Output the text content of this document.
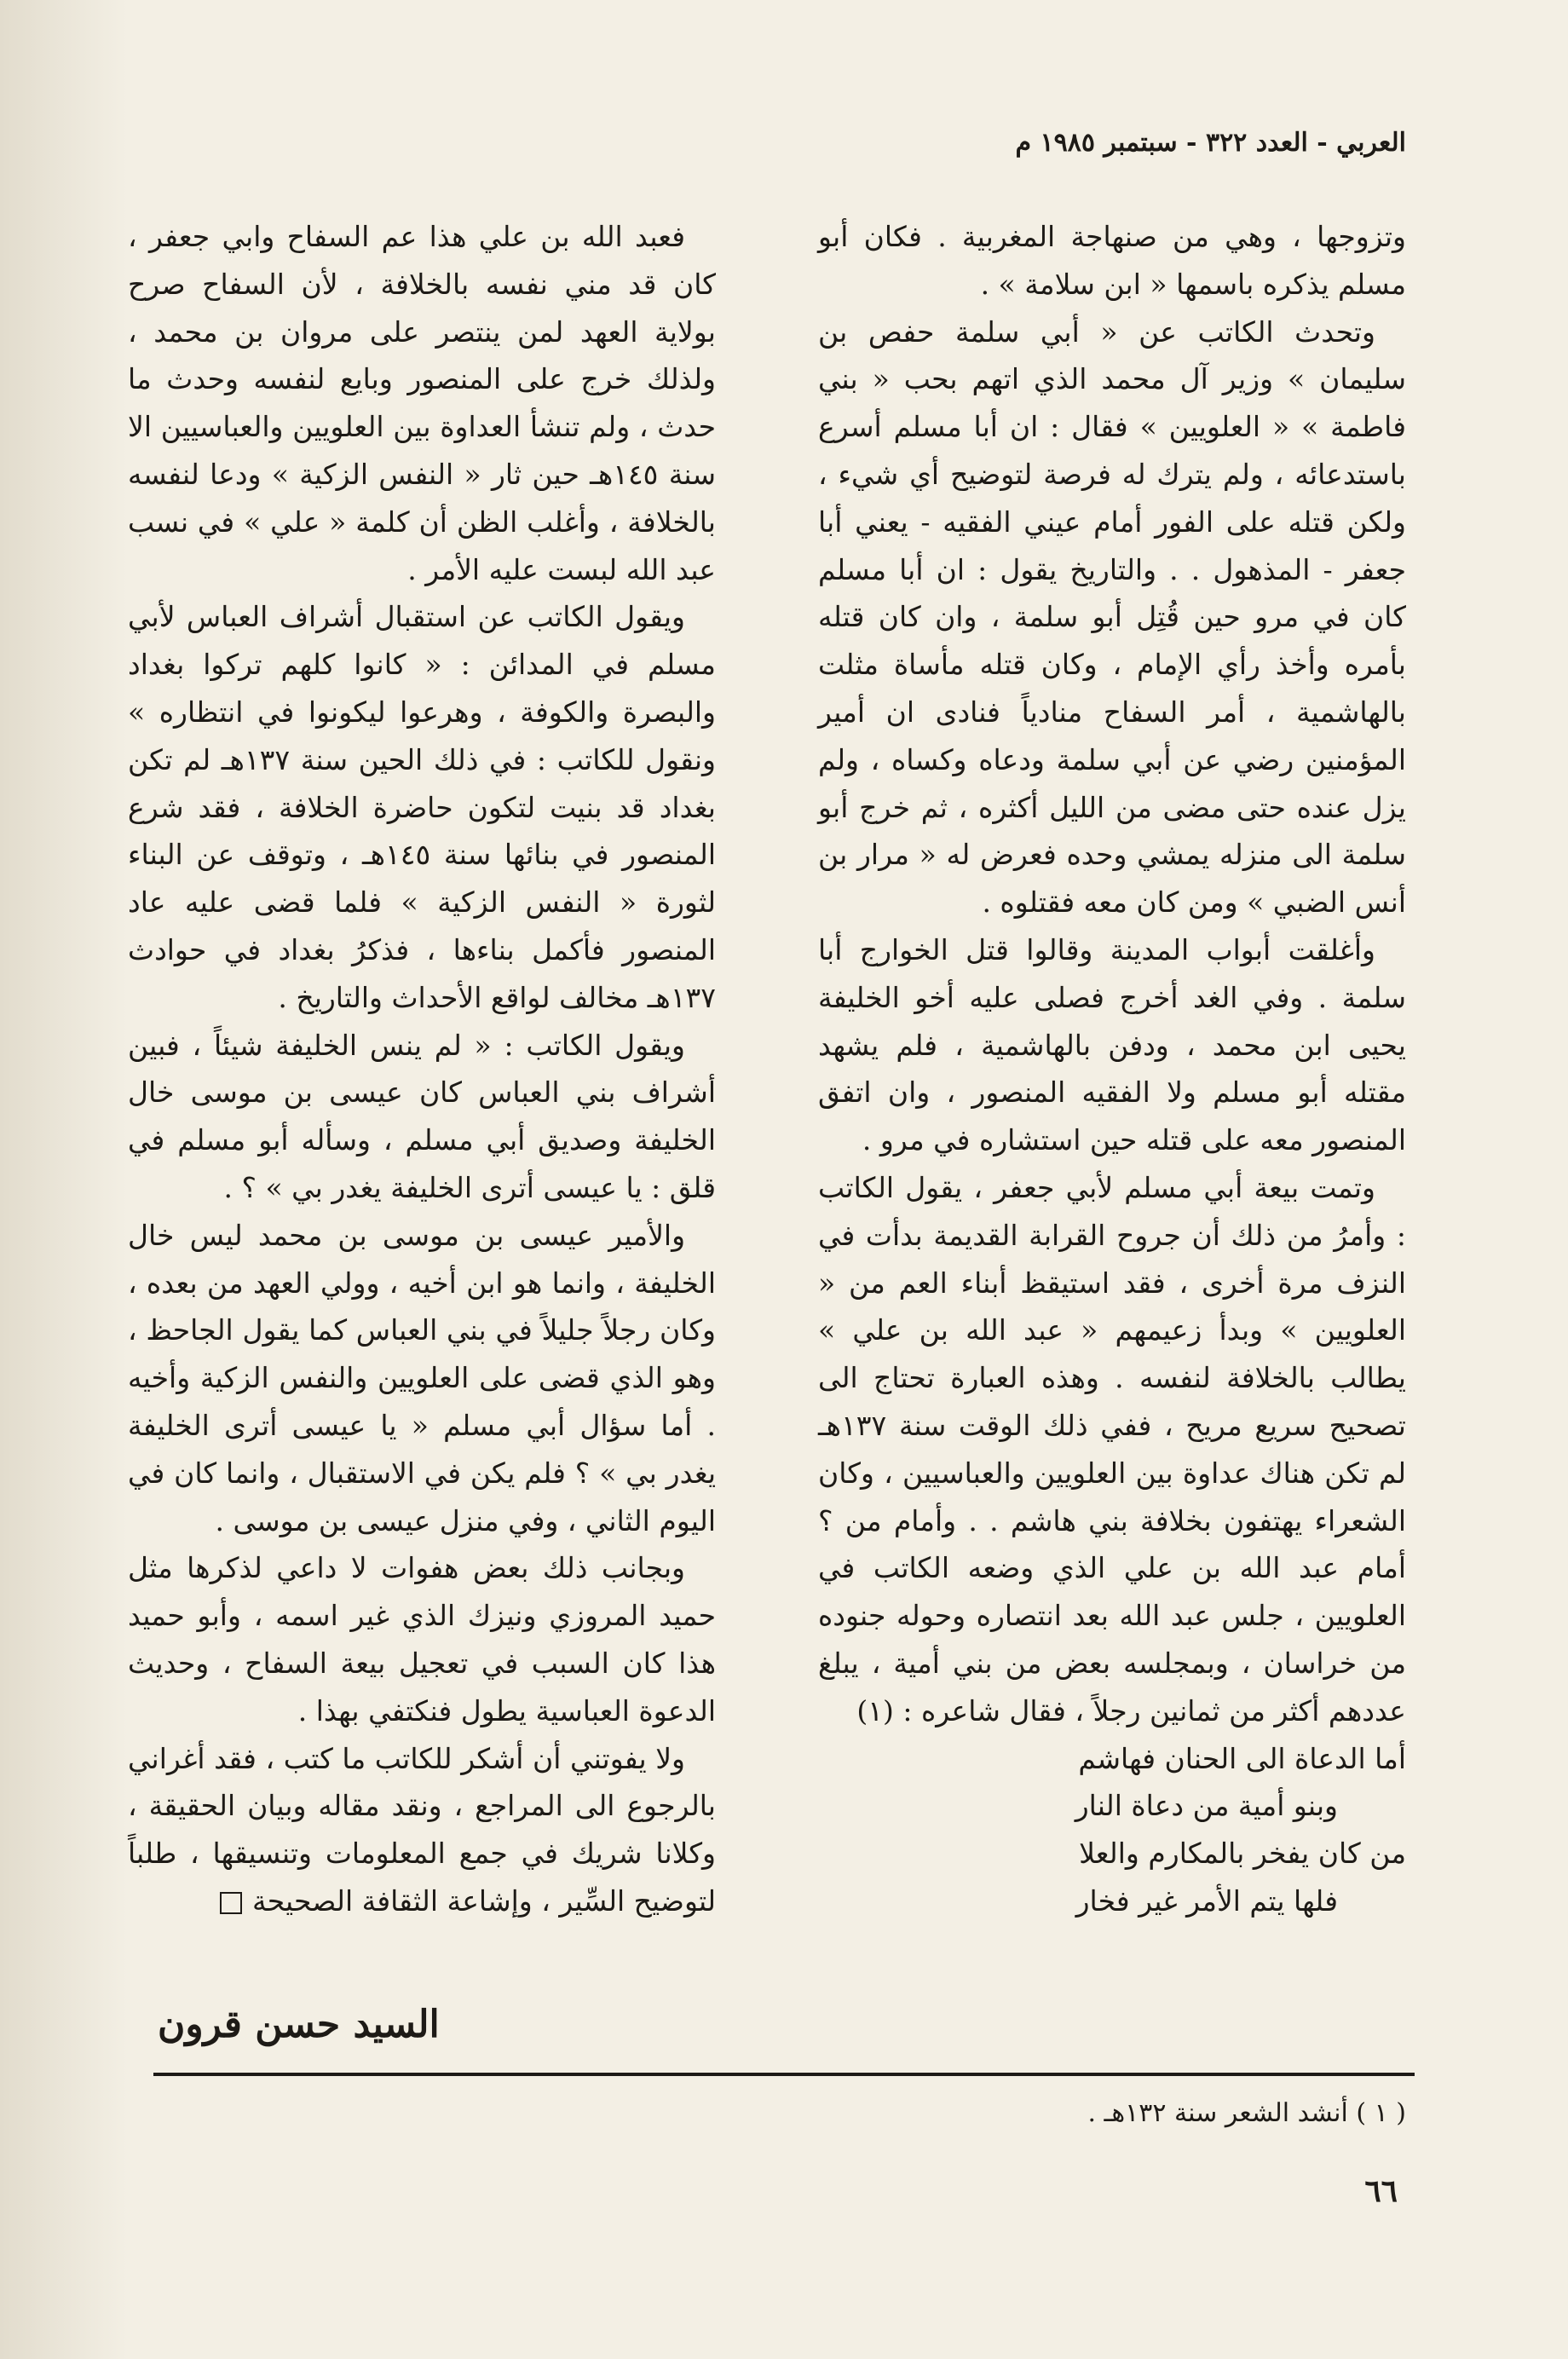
العربي - العدد ٣٢٢ - سبتمبر ١٩٨٥ م

وتزوجها ، وهي من صنهاجة المغربية . فكان أبو مسلم يذكره باسمها « ابن سلامة » .

وتحدث الكاتب عن « أبي سلمة حفص بن سليمان » وزير آل محمد الذي اتهم بحب « بني فاطمة » « العلويين » فقال : ان أبا مسلم أسرع باستدعائه ، ولم يترك له فرصة لتوضيح أي شيء ، ولكن قتله على الفور أمام عيني الفقيه - يعني أبا جعفر - المذهول . . والتاريخ يقول : ان أبا مسلم كان في مرو حين قُتِل أبو سلمة ، وان كان قتله بأمره وأخذ رأي الإمام ، وكان قتله مأساة مثلت بالهاشمية ، أمر السفاح منادياً فنادى ان أمير المؤمنين رضي عن أبي سلمة ودعاه وكساه ، ولم يزل عنده حتى مضى من الليل أكثره ، ثم خرج أبو سلمة الى منزله يمشي وحده فعرض له « مرار بن أنس الضبي » ومن كان معه فقتلوه .

وأغلقت أبواب المدينة وقالوا قتل الخوارج أبا سلمة . وفي الغد أخرج فصلى عليه أخو الخليفة يحيى ابن محمد ، ودفن بالهاشمية ، فلم يشهد مقتله أبو مسلم ولا الفقيه المنصور ، وان اتفق المنصور معه على قتله حين استشاره في مرو .

وتمت بيعة أبي مسلم لأبي جعفر ، يقول الكاتب : وأمرُ من ذلك أن جروح القرابة القديمة بدأت في النزف مرة أخرى ، فقد استيقظ أبناء العم من « العلويين » وبدأ زعيمهم « عبد الله بن علي » يطالب بالخلافة لنفسه . وهذه العبارة تحتاج الى تصحيح سريع مريح ، ففي ذلك الوقت سنة ١٣٧هـ لم تكن هناك عداوة بين العلويين والعباسيين ، وكان الشعراء يهتفون بخلافة بني هاشم . . وأمام من ؟ أمام عبد الله بن علي الذي وضعه الكاتب في العلويين ، جلس عبد الله بعد انتصاره وحوله جنوده من خراسان ، وبمجلسه بعض من بني أمية ، يبلغ عددهم أكثر من ثمانين رجلاً ، فقال شاعره : (١)

أما الدعاة الى الحنان فهاشم
وبنو أمية من دعاة النار
من كان يفخر بالمكارم والعلا
فلها يتم الأمر غير فخار

فعبد الله بن علي هذا عم السفاح وابي جعفر ، كان قد مني نفسه بالخلافة ، لأن السفاح صرح بولاية العهد لمن ينتصر على مروان بن محمد ، ولذلك خرج على المنصور وبايع لنفسه وحدث ما حدث ، ولم تنشأ العداوة بين العلويين والعباسيين الا سنة ١٤٥هـ حين ثار « النفس الزكية » ودعا لنفسه بالخلافة ، وأغلب الظن أن كلمة « علي » في نسب عبد الله لبست عليه الأمر .

ويقول الكاتب عن استقبال أشراف العباس لأبي مسلم في المدائن : « كانوا كلهم تركوا بغداد والبصرة والكوفة ، وهرعوا ليكونوا في انتظاره » ونقول للكاتب : في ذلك الحين سنة ١٣٧هـ لم تكن بغداد قد بنيت لتكون حاضرة الخلافة ، فقد شرع المنصور في بنائها سنة ١٤٥هـ ، وتوقف عن البناء لثورة « النفس الزكية » فلما قضى عليه عاد المنصور فأكمل بناءها ، فذكرُ بغداد في حوادث ١٣٧هـ مخالف لواقع الأحداث والتاريخ .

ويقول الكاتب : « لم ينس الخليفة شيئاً ، فبين أشراف بني العباس كان عيسى بن موسى خال الخليفة وصديق أبي مسلم ، وسأله أبو مسلم في قلق : يا عيسى أترى الخليفة يغدر بي » ؟ .

والأمير عيسى بن موسى بن محمد ليس خال الخليفة ، وانما هو ابن أخيه ، وولي العهد من بعده ، وكان رجلاً جليلاً في بني العباس كما يقول الجاحظ ، وهو الذي قضى على العلويين والنفس الزكية وأخيه . أما سؤال أبي مسلم « يا عيسى أترى الخليفة يغدر بي » ؟ فلم يكن في الاستقبال ، وانما كان في اليوم الثاني ، وفي منزل عيسى بن موسى .

وبجانب ذلك بعض هفوات لا داعي لذكرها مثل حميد المروزي ونيزك الذي غير اسمه ، وأبو حميد هذا كان السبب في تعجيل بيعة السفاح ، وحديث الدعوة العباسية يطول فنكتفي بهذا .

ولا يفوتني أن أشكر للكاتب ما كتب ، فقد أغراني بالرجوع الى المراجع ، ونقد مقاله وبيان الحقيقة ، وكلانا شريك في جمع المعلومات وتنسيقها ، طلباً لتوضيح السِّير ، وإشاعة الثقافة الصحيحة

السيد حسن قرون
( ١ ) أنشد الشعر سنة ١٣٢هـ .
٦٦
